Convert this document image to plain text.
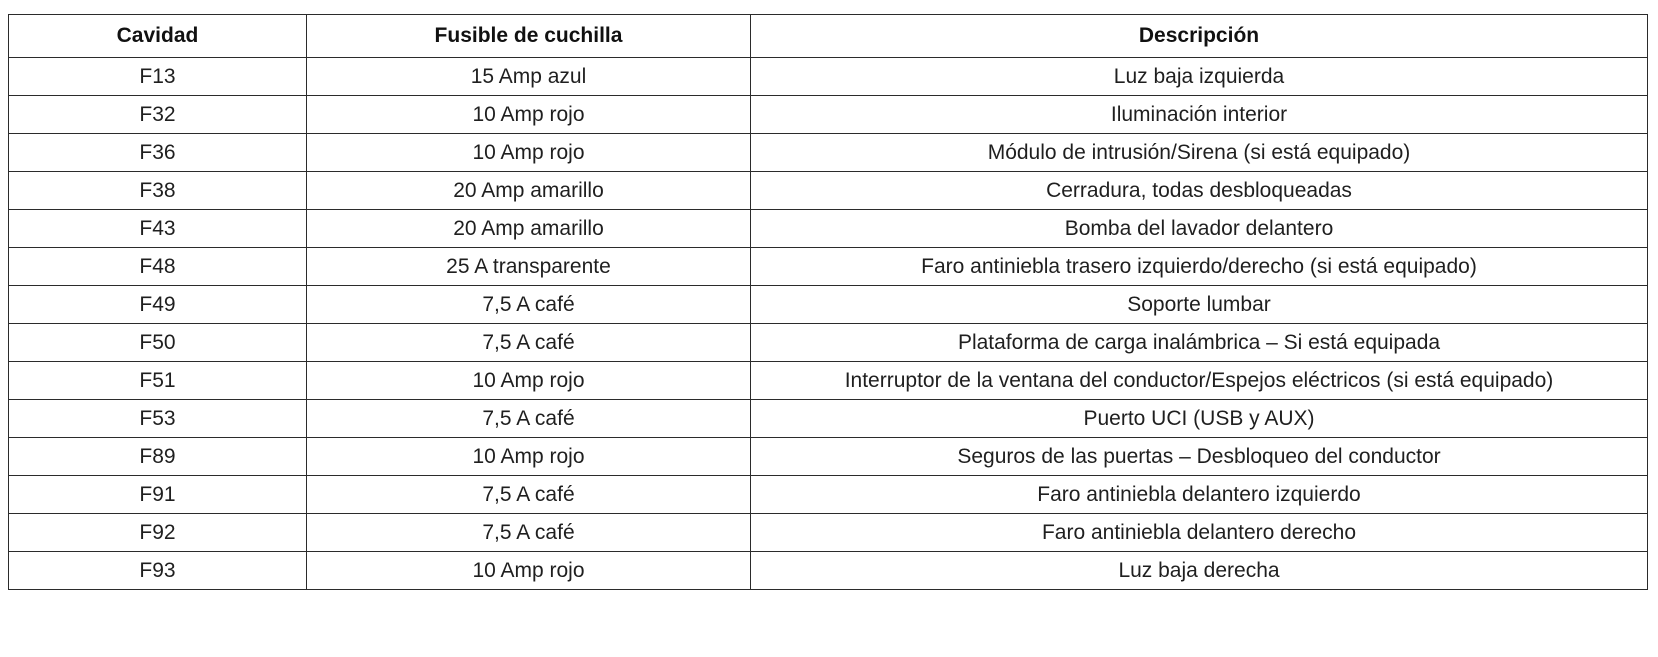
Cavidad	Fusible de cuchilla	Descripción
F13	15 Amp azul	Luz baja izquierda
F32	10 Amp rojo	Iluminación interior
F36	10 Amp rojo	Módulo de intrusión/Sirena (si está equipado)
F38	20 Amp amarillo	Cerradura, todas desbloqueadas
F43	20 Amp amarillo	Bomba del lavador delantero
F48	25 A transparente	Faro antiniebla trasero izquierdo/derecho (si está equipado)
F49	7,5 A café	Soporte lumbar
F50	7,5 A café	Plataforma de carga inalámbrica – Si está equipada
F51	10 Amp rojo	Interruptor de la ventana del conductor/Espejos eléctricos (si está equipado)
F53	7,5 A café	Puerto UCI (USB y AUX)
F89	10 Amp rojo	Seguros de las puertas – Desbloqueo del conductor
F91	7,5 A café	Faro antiniebla delantero izquierdo
F92	7,5 A café	Faro antiniebla delantero derecho
F93	10 Amp rojo	Luz baja derecha
